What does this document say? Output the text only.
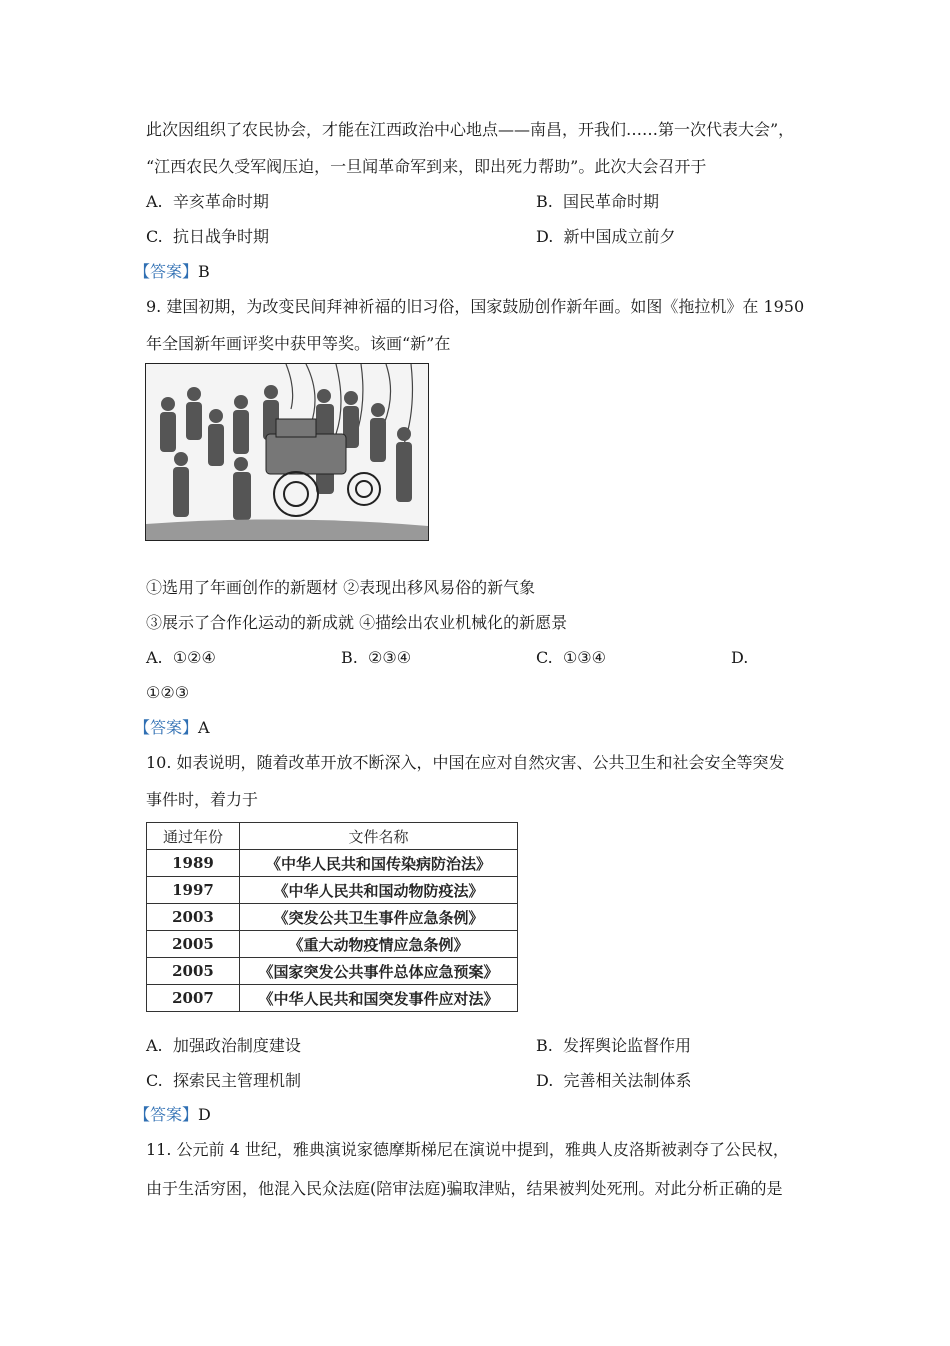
此次因组织了农民协会，才能在江西政治中心地点——南昌，开我们……第一次代表大会”，
“江西农民久受军阀压迫，一旦闻革命军到来，即出死力帮助”。此次大会召开于
A. 辛亥革命时期	B. 国民革命时期
C. 抗日战争时期	D. 新中国成立前夕
【答案】B
9. 建国初期，为改变民间拜神祈福的旧习俗，国家鼓励创作新年画。如图《拖拉机》在 1950
年全国新年画评奖中获甲等奖。该画“新”在
①选用了年画创作的新题材 ②表现出移风易俗的新气象
③展示了合作化运动的新成就 ④描绘出农业机械化的新愿景
A. ①②④	B. ②③④	C. ①③④	D.
①②③
【答案】A
10. 如表说明，随着改革开放不断深入，中国在应对自然灾害、公共卫生和社会安全等突发
事件时，着力于
通过年份	文件名称
1989	《中华人民共和国传染病防治法》
1997	《中华人民共和国动物防疫法》
2003	《突发公共卫生事件应急条例》
2005	《重大动物疫情应急条例》
2005	《国家突发公共事件总体应急预案》
2007	《中华人民共和国突发事件应对法》
A. 加强政治制度建设	B. 发挥舆论监督作用
C. 探索民主管理机制	D. 完善相关法制体系
【答案】D
11. 公元前 4 世纪，雅典演说家德摩斯梯尼在演说中提到，雅典人皮洛斯被剥夺了公民权，
由于生活穷困，他混入民众法庭(陪审法庭)骗取津贴，结果被判处死刑。对此分析正确的是
